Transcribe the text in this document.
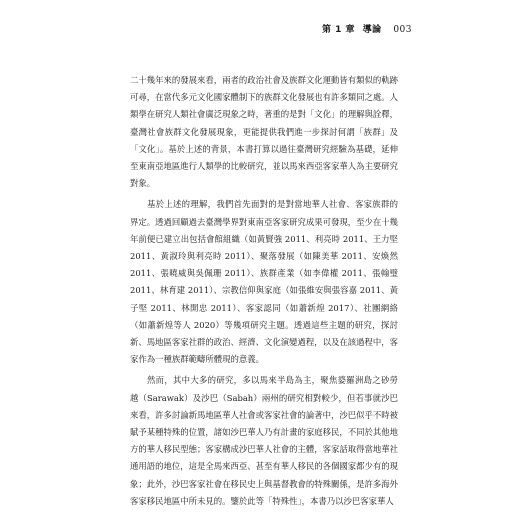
第 1 章 導論 003

二十幾年來的發展來看，兩者的政治社會及族群文化運動皆有類似的軌跡可尋，在當代多元文化國家體制下的族群文化發展也有許多類同之處。人類學在研究人類社會廣泛現象之時，著重的是對「文化」的理解與詮釋，臺灣社會族群文化發展現象，更能提供我們進一步探討何謂「族群」及「文化」。基於上述的背景，本書打算以過往臺灣研究經驗為基礎，延伸至東南亞地區進行人類學的比較研究，並以馬來西亞客家華人為主要研究對象。

基於上述的理解，我們首先面對的是對當地華人社會、客家族群的界定。透過回顧過去臺灣學界對東南亞客家研究成果可發現，至少在十幾年前便已建立出包括會館組織（如黃賢強 2011、利亮時 2011、王力堅 2011、黃淑玲與利亮時 2011）、聚落發展（如陳美華 2011、安煥然 2011、張曉威與吳佩珊 2011）、族群產業（如李偉權 2011、張翰璧 2011、林育建 2011）、宗教信仰與家庭（如張維安與張容嘉 2011、黃子堅 2011、林開忠 2011）、客家認同（如蕭新煌 2017）、社團網絡（如蕭新煌等人 2020）等幾項研究主題。透過這些主題的研究，探討新、馬地區客家社群的政治、經濟、文化演變過程，以及在該過程中，客家作為一種族群範疇所體現的意義。

然而，其中大多的研究，多以馬來半島為主，聚焦婆羅洲島之砂勞越（Sarawak）及沙巴（Sabah）兩州的研究相對較少，但若事就沙巴來看，許多討論新馬地區華人社會或客家社會的論著中，沙巴似乎不時被賦予某種特殊的位置，諸如沙巴華人乃有計畫的家庭移民，不同於其他地方的華人移民型態；客家構成沙巴華人社會的主體，客家話取得當地華社通用語的地位，這是全馬來西亞、甚至有華人移民的各個國家都少有的現象；此外，沙巴客家社會在移民史上與基督教會的特殊關係，是許多海外客家移民地區中所未見的。鑒於此等「特殊性」，本書乃以沙巴客家華人
